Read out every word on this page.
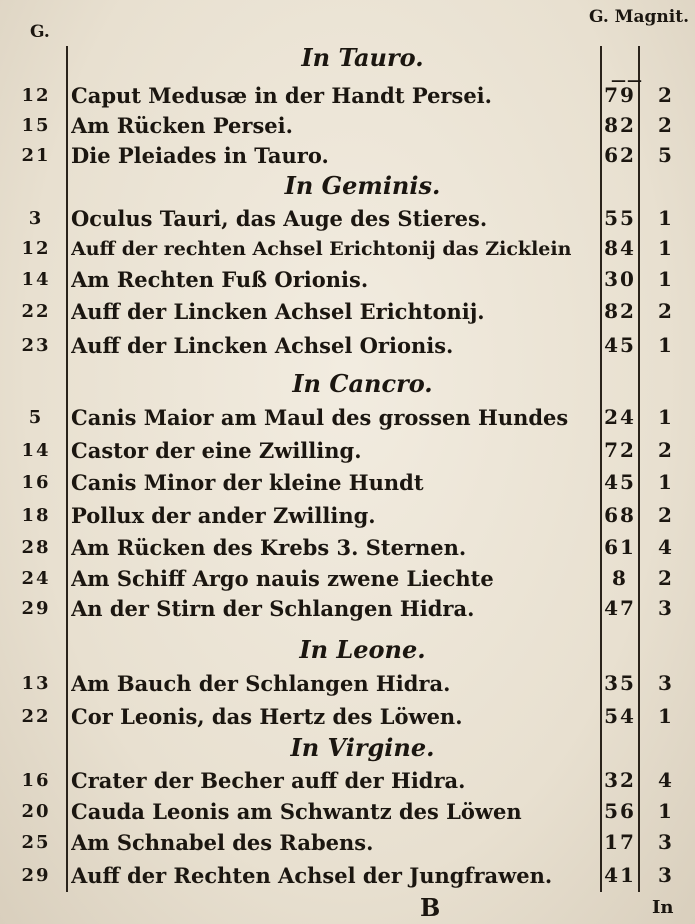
G.
G. Magnit.
——
In Tauro.
12 Caput Medusæ in der Handt Persei.	79	2
15 Am Rücken Persei.	82	2
21 Die Pleiades in Tauro.	62	5
In Geminis.
3	Oculus Tauri, das Auge des Stieres.	55	1
12	Auff der rechten Achsel Erichtonij das Zicklein	84	1
14 Am Rechten Fuß Orionis.	30	1
22 Auff der Lincken Achsel Erichtonij.	82	2
23 Auff der Lincken Achsel Orionis.	45	1
In Cancro.
5	Canis Maior am Maul des grossen Hundes	24	1
14 Castor der eine Zwilling.	72	2
16 Canis Minor der kleine Hundt	45	1
18 Pollux der ander Zwilling.	68	2
28 Am Rücken des Krebs 3. Sternen.	61	4
24 Am Schiff Argo nauis zwene Liechte	8	2
29 An der Stirn der Schlangen Hidra.	47	3
In Leone.
13 Am Bauch der Schlangen Hidra.	35	3
22 Cor Leonis, das Hertz des Löwen.	54	1
In Virgine.
16 Crater der Becher auff der Hidra.	32	4
20 Cauda Leonis am Schwantz des Löwen	56	1
25 Am Schnabel des Rabens.	17	3
29 Auff der Rechten Achsel der Jungfrawen.	41	3
B	In
